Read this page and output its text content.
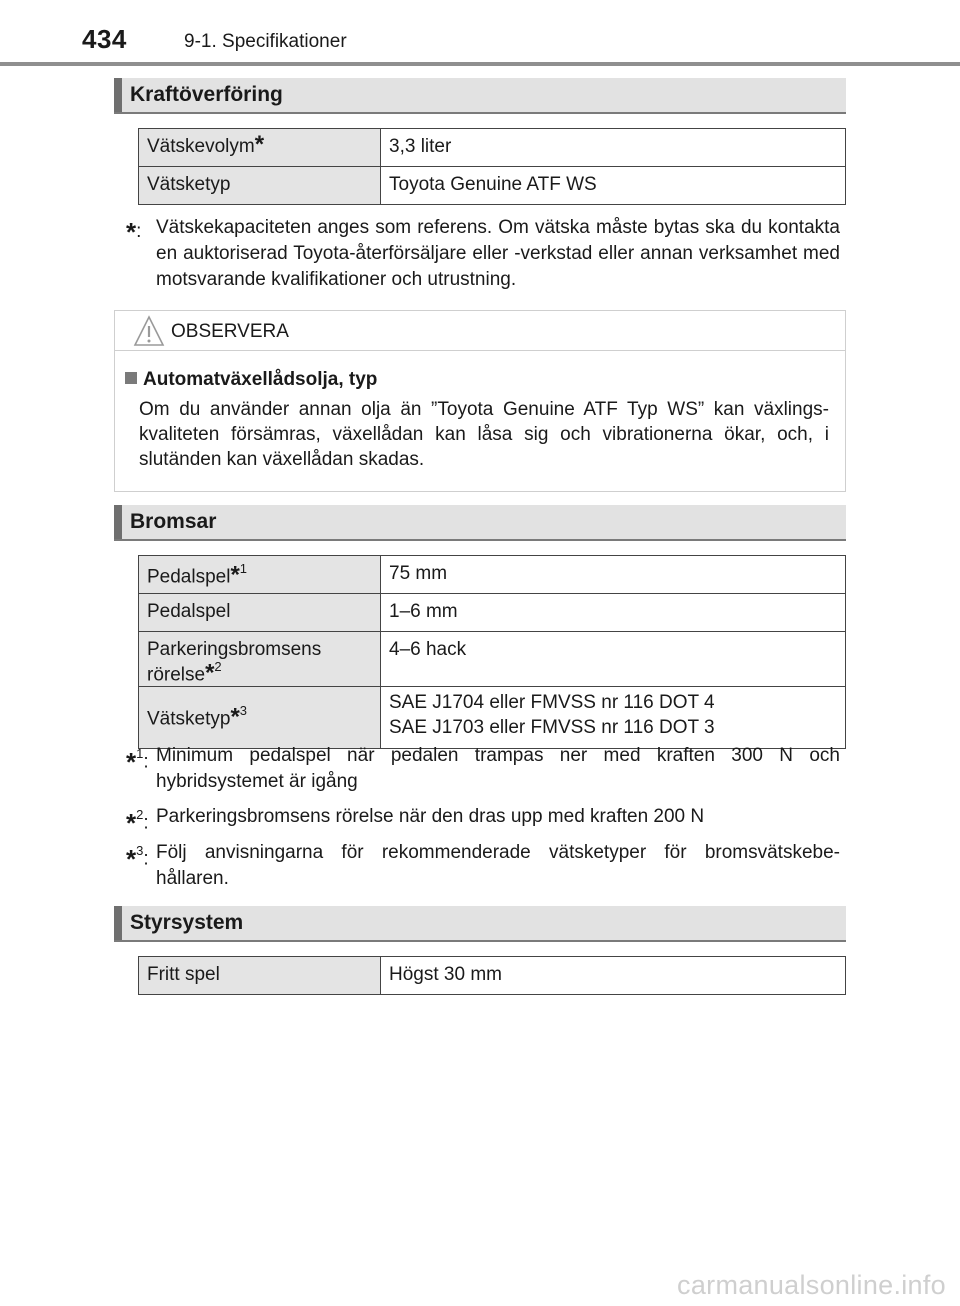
434	9-1. Specifikationer
Kraftöverföring
Vätskevolym*	3,3 liter
Vätsketyp	Toyota Genuine ATF WS
*: Vätskekapaciteten anges som referens. Om vätska måste bytas ska du kontakta en auktoriserad Toyota-återförsäljare eller -verkstad eller annan verksamhet med motsvarande kvalifikationer och utrustning.
OBSERVERA
Automatväxellådsolja, typ
Om du använder annan olja än ”Toyota Genuine ATF Typ WS” kan växlings- kvaliteten försämras, växellådan kan låsa sig och vibrationerna ökar, och, i slutänden kan växellådan skadas.
Bromsar
Pedalspel*$^1$	75 mm
Pedalspel	1–6 mm
Parkeringsbromsens rörelse*$^2$	4–6 hack
Vätsketyp*$^3$	SAE J1704 eller FMVSS nr 116 DOT 4
SAE J1703 eller FMVSS nr 116 DOT 3
*$^1$: Minimum pedalspel när pedalen trampas ner med kraften 300 N och hybridsystemet är igång
*$^2$: Parkeringsbromsens rörelse när den dras upp med kraften 200 N
*$^3$: Följ anvisningarna för rekommenderade vätsketyper för bromsvätskebe- hållaren.
Styrsystem
Fritt spel	Högst 30 mm
carmanualsonline.info
